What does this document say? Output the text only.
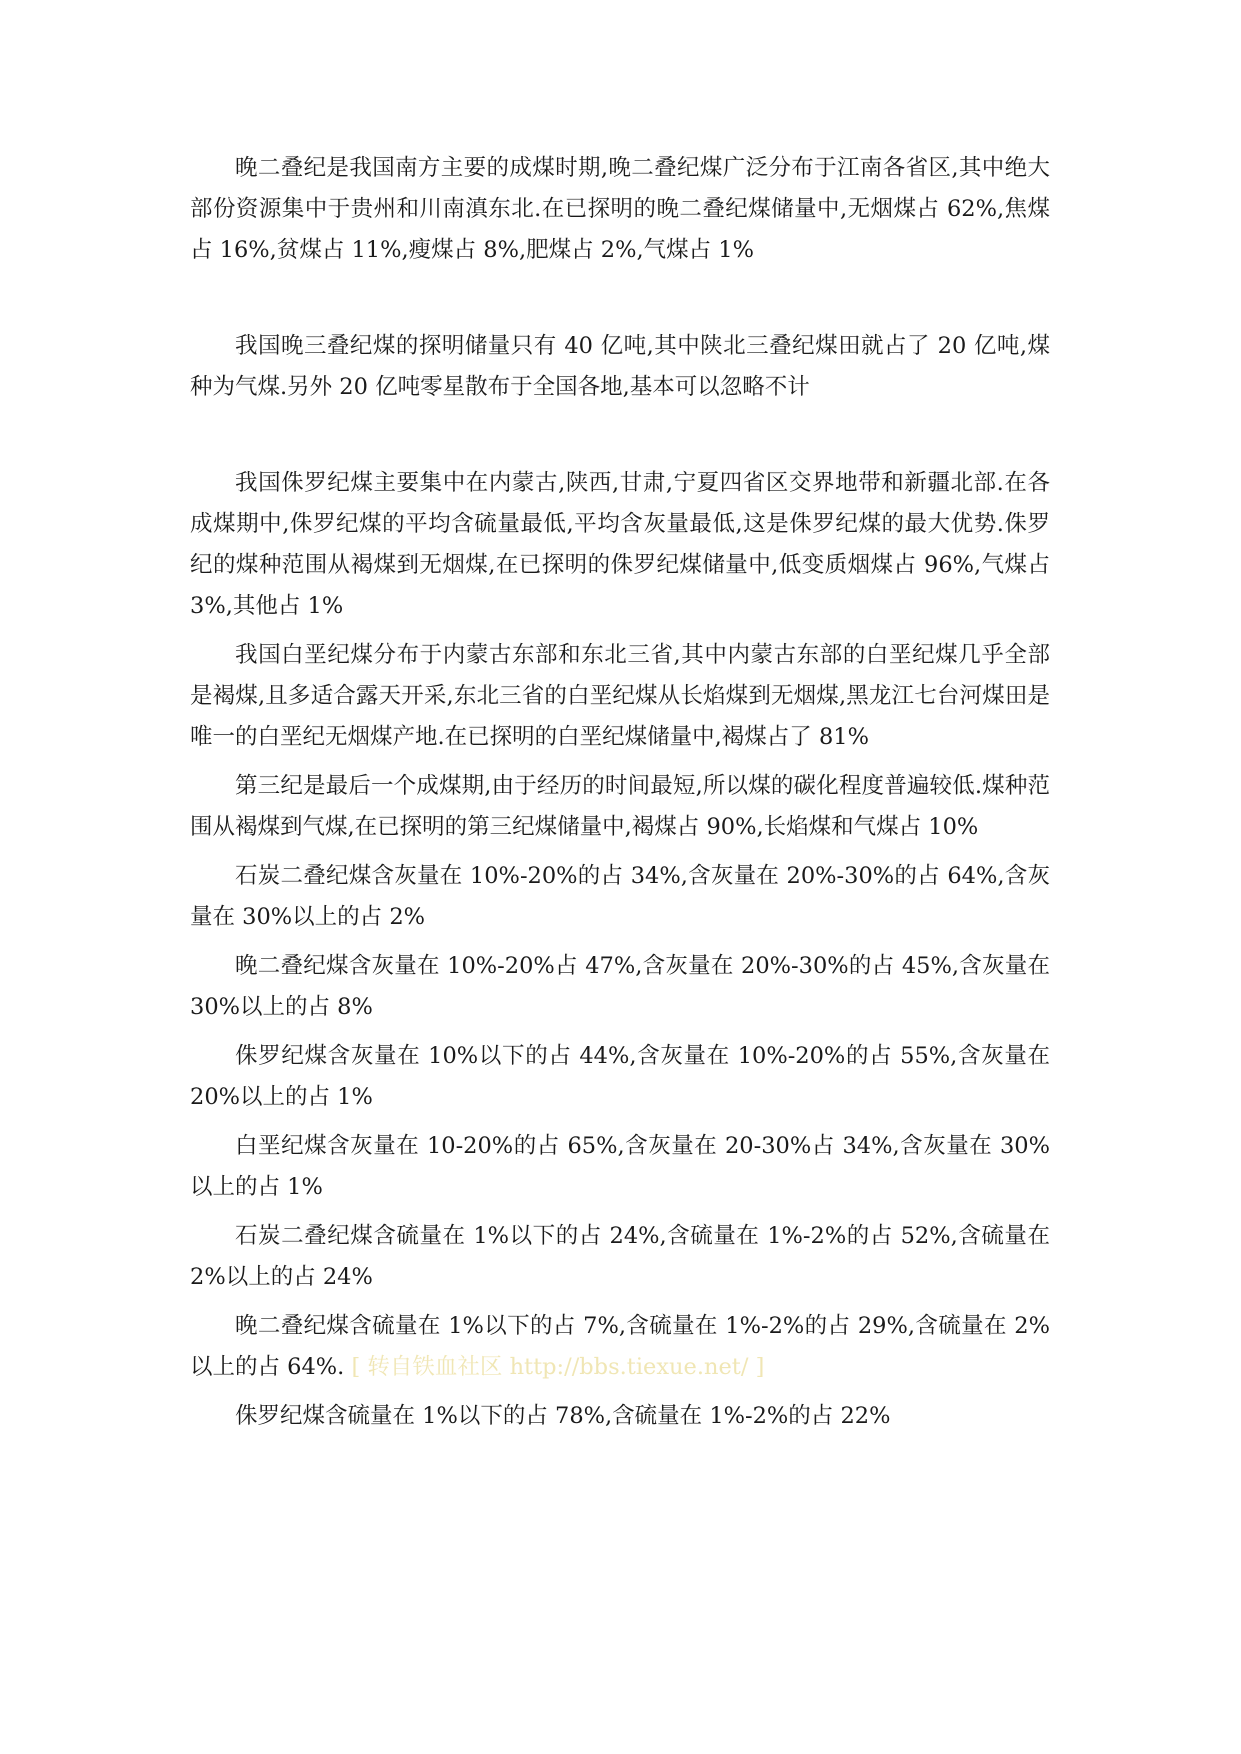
晚二叠纪是我国南方主要的成煤时期,晚二叠纪煤广泛分布于江南各省区,其中绝大部份资源集中于贵州和川南滇东北.在已探明的晚二叠纪煤储量中,无烟煤占 62%,焦煤占 16%,贫煤占 11%,瘦煤占 8%,肥煤占 2%,气煤占 1%

我国晚三叠纪煤的探明储量只有 40 亿吨,其中陕北三叠纪煤田就占了 20 亿吨,煤种为气煤.另外 20 亿吨零星散布于全国各地,基本可以忽略不计

我国侏罗纪煤主要集中在内蒙古,陕西,甘肃,宁夏四省区交界地带和新疆北部.在各成煤期中,侏罗纪煤的平均含硫量最低,平均含灰量最低,这是侏罗纪煤的最大优势.侏罗纪的煤种范围从褐煤到无烟煤,在已探明的侏罗纪煤储量中,低变质烟煤占 96%,气煤占 3%,其他占 1%

我国白垩纪煤分布于内蒙古东部和东北三省,其中内蒙古东部的白垩纪煤几乎全部是褐煤,且多适合露天开采,东北三省的白垩纪煤从长焰煤到无烟煤,黑龙江七台河煤田是唯一的白垩纪无烟煤产地.在已探明的白垩纪煤储量中,褐煤占了 81%

第三纪是最后一个成煤期,由于经历的时间最短,所以煤的碳化程度普遍较低.煤种范围从褐煤到气煤,在已探明的第三纪煤储量中,褐煤占 90%,长焰煤和气煤占 10%

石炭二叠纪煤含灰量在 10%-20%的占 34%,含灰量在 20%-30%的占 64%,含灰量在 30%以上的占 2%

晚二叠纪煤含灰量在 10%-20%占 47%,含灰量在 20%-30%的占 45%,含灰量在 30%以上的占 8%

侏罗纪煤含灰量在 10%以下的占 44%,含灰量在 10%-20%的占 55%,含灰量在 20%以上的占 1%

白垩纪煤含灰量在 10-20%的占 65%,含灰量在 20-30%占 34%,含灰量在 30%以上的占 1%

石炭二叠纪煤含硫量在 1%以下的占 24%,含硫量在 1%-2%的占 52%,含硫量在 2%以上的占 24%

晚二叠纪煤含硫量在 1%以下的占 7%,含硫量在 1%-2%的占 29%,含硫量在 2%以上的占 64%. [ 转自铁血社区 http://bbs.tiexue.net/ ]

侏罗纪煤含硫量在 1%以下的占 78%,含硫量在 1%-2%的占 22%
